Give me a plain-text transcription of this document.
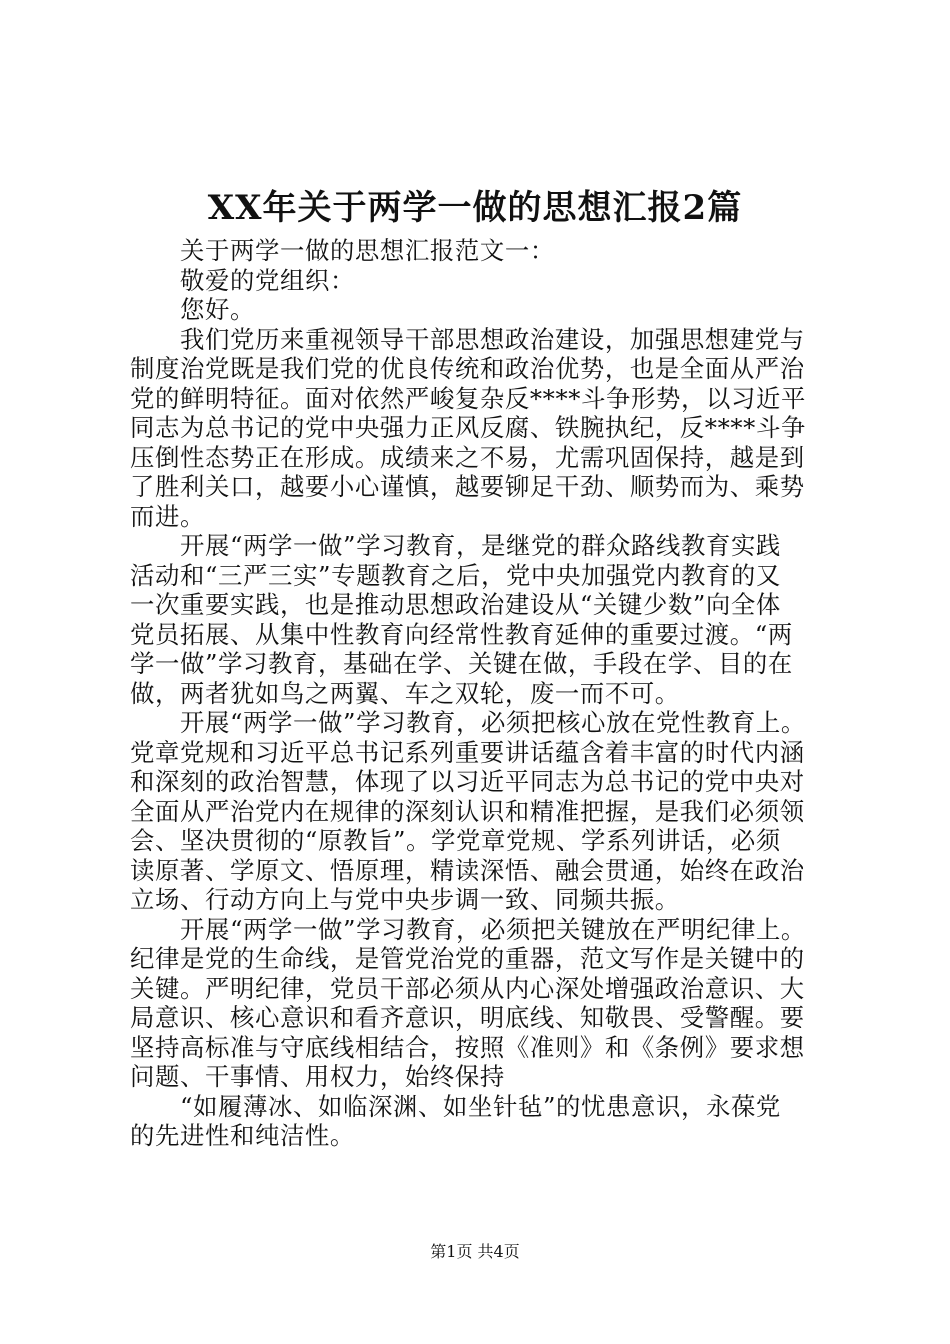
XX年关于两学一做的思想汇报2篇
关于两学一做的思想汇报范文一：
敬爱的党组织：
您好。
我们党历来重视领导干部思想政治建设，加强思想建党与
制度治党既是我们党的优良传统和政治优势，也是全面从严治
党的鲜明特征。面对依然严峻复杂反****斗争形势，以习近平
同志为总书记的党中央强力正风反腐、铁腕执纪，反****斗争
压倒性态势正在形成。成绩来之不易，尤需巩固保持，越是到
了胜利关口，越要小心谨慎，越要铆足干劲、顺势而为、乘势
而进。
开展“两学一做”学习教育，是继党的群众路线教育实践
活动和“三严三实”专题教育之后，党中央加强党内教育的又
一次重要实践，也是推动思想政治建设从“关键少数”向全体
党员拓展、从集中性教育向经常性教育延伸的重要过渡。“两
学一做”学习教育，基础在学、关键在做，手段在学、目的在
做，两者犹如鸟之两翼、车之双轮，废一而不可。
开展“两学一做”学习教育，必须把核心放在党性教育上。
党章党规和习近平总书记系列重要讲话蕴含着丰富的时代内涵
和深刻的政治智慧，体现了以习近平同志为总书记的党中央对
全面从严治党内在规律的深刻认识和精准把握，是我们必须领
会、坚决贯彻的“原教旨”。学党章党规、学系列讲话，必须
读原著、学原文、悟原理，精读深悟、融会贯通，始终在政治
立场、行动方向上与党中央步调一致、同频共振。
开展“两学一做”学习教育，必须把关键放在严明纪律上。
纪律是党的生命线，是管党治党的重器，范文写作是关键中的
关键。严明纪律，党员干部必须从内心深处增强政治意识、大
局意识、核心意识和看齐意识，明底线、知敬畏、受警醒。要
坚持高标准与守底线相结合，按照《准则》和《条例》要求想
问题、干事情、用权力，始终保持
“如履薄冰、如临深渊、如坐针毡”的忧患意识，永葆党
的先进性和纯洁性。
第1页 共4页
